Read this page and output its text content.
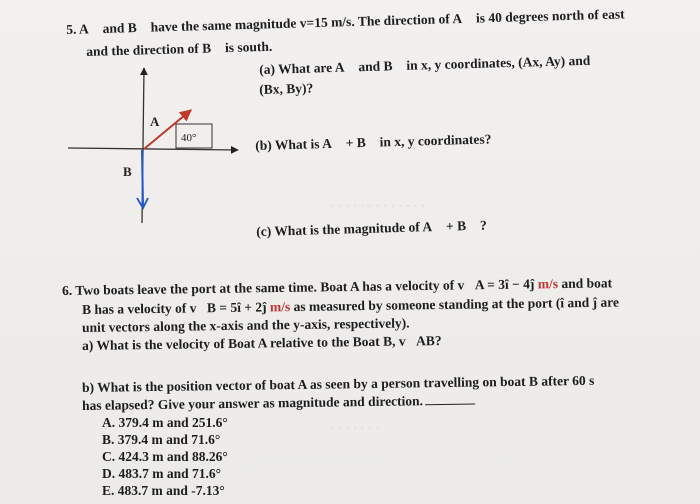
· · · · · · · · · · · · ·
· · · · · · ·
5. A⃗ and B⃗ have the same magnitude v=15 m/s. The direction of A⃗ is 40 degrees north of east
and the direction of B⃗ is south.
(a) What are A⃗ and B⃗ in x, y coordinates, (Ax, Ay) and
(Bx, By)?
(b) What is A⃗ + B⃗ in x, y coordinates?
(c) What is the magnitude of A⃗ + B⃗ ?
40°
A⃗
B⃗
6. Two boats leave the port at the same time. Boat A has a velocity of v⃗A = 3î − 4ĵ m/s and boat
B has a velocity of v⃗B = 5î + 2ĵ m/s as measured by someone standing at the port (î and ĵ are
unit vectors along the x-axis and the y-axis, respectively).
a) What is the velocity of Boat A relative to the Boat B, v⃗AB?
b) What is the position vector of boat A as seen by a person travelling on boat B after 60 s
has elapsed? Give your answer as magnitude and direction.
A. 379.4 m and 251.6°
B. 379.4 m and 71.6°
C. 424.3 m and 88.26°
D. 483.7 m and 71.6°
E. 483.7 m and -7.13°
